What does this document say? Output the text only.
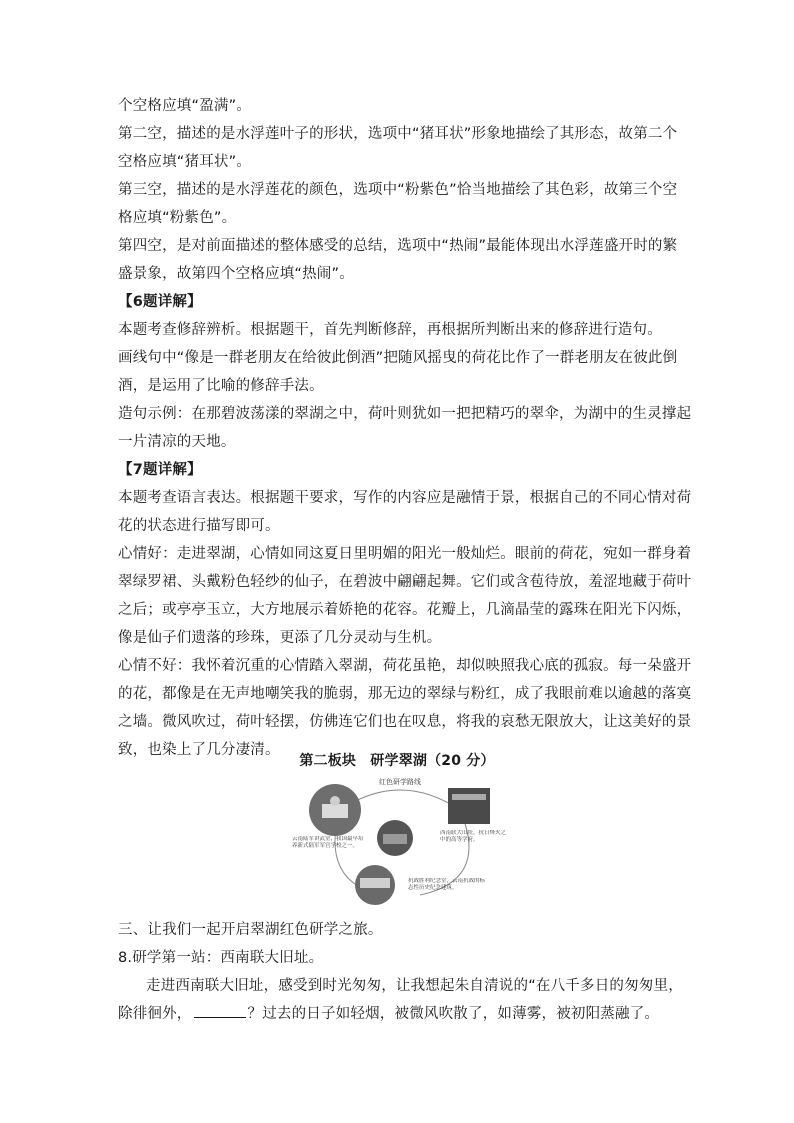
个空格应填“盈满”。
第二空，描述的是水浮莲叶子的形状，选项中“猪耳状”形象地描绘了其形态，故第二个
空格应填“猪耳状”。
第三空，描述的是水浮莲花的颜色，选项中“粉紫色”恰当地描绘了其色彩，故第三个空
格应填“粉紫色”。
第四空，是对前面描述的整体感受的总结，选项中“热闹”最能体现出水浮莲盛开时的繁
盛景象，故第四个空格应填“热闹”。
【6题详解】
本题考查修辞辨析。根据题干，首先判断修辞，再根据所判断出来的修辞进行造句。
画线句中“像是一群老朋友在给彼此倒酒”把随风摇曳的荷花比作了一群老朋友在彼此倒
酒，是运用了比喻的修辞手法。
造句示例：在那碧波荡漾的翠湖之中，荷叶则犹如一把把精巧的翠伞，为湖中的生灵撑起
一片清凉的天地。
【7题详解】
本题考查语言表达。根据题干要求，写作的内容应是融情于景，根据自己的不同心情对荷
花的状态进行描写即可。
心情好：走进翠湖，心情如同这夏日里明媚的阳光一般灿烂。眼前的荷花，宛如一群身着
翠绿罗裙、头戴粉色轻纱的仙子，在碧波中翩翩起舞。它们或含苞待放，羞涩地藏于荷叶
之后；或亭亭玉立，大方地展示着娇艳的花容。花瓣上，几滴晶莹的露珠在阳光下闪烁，
像是仙子们遗落的珍珠，更添了几分灵动与生机。
心情不好：我怀着沉重的心情踏入翠湖，荷花虽艳，却似映照我心底的孤寂。每一朵盛开
的花，都像是在无声地嘲笑我的脆弱，那无边的翠绿与粉红，成了我眼前难以逾越的落寞
之墙。微风吹过，荷叶轻摆，仿佛连它们也在叹息，将我的哀愁无限放大，让这美好的景
致，也染上了几分凄清。
第二板块　研学翠湖（20 分）
红色研学路线
云南陆军讲武堂，我国最早培养新式陆军军官学校之一。
西南联大旧址，抗日烽火之中的高等学府。
抗战胜利纪念堂，云南抗战的标志性历史纪念建筑。
三、让我们一起开启翠湖红色研学之旅。
8.研学第一站：西南联大旧址。
走进西南联大旧址，感受到时光匆匆，让我想起朱自清说的“在八千多日的匆匆里，
除徘徊外，	？过去的日子如轻烟，被微风吹散了，如薄雾，被初阳蒸融了。
